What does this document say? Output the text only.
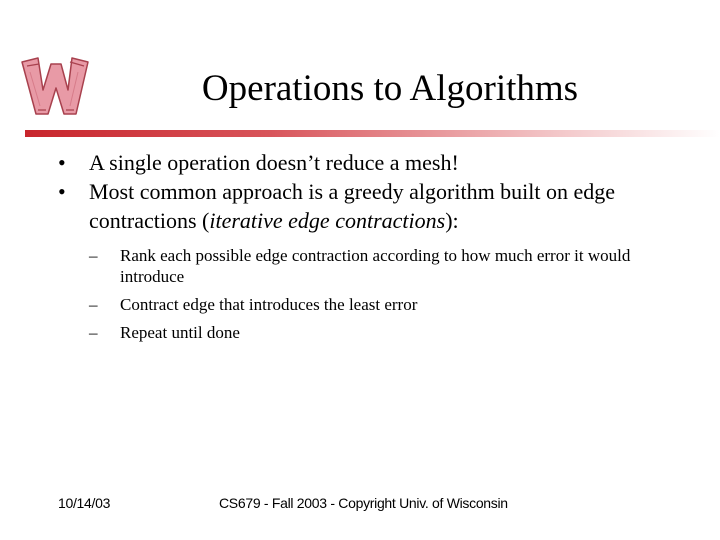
Operations to Algorithms
• A single operation doesn’t reduce a mesh!
• Most common approach is a greedy algorithm built on edge contractions (iterative edge contractions):
– Rank each possible edge contraction according to how much error it would introduce
– Contract edge that introduces the least error
– Repeat until done
10/14/03	CS679 - Fall 2003 - Copyright Univ. of Wisconsin
